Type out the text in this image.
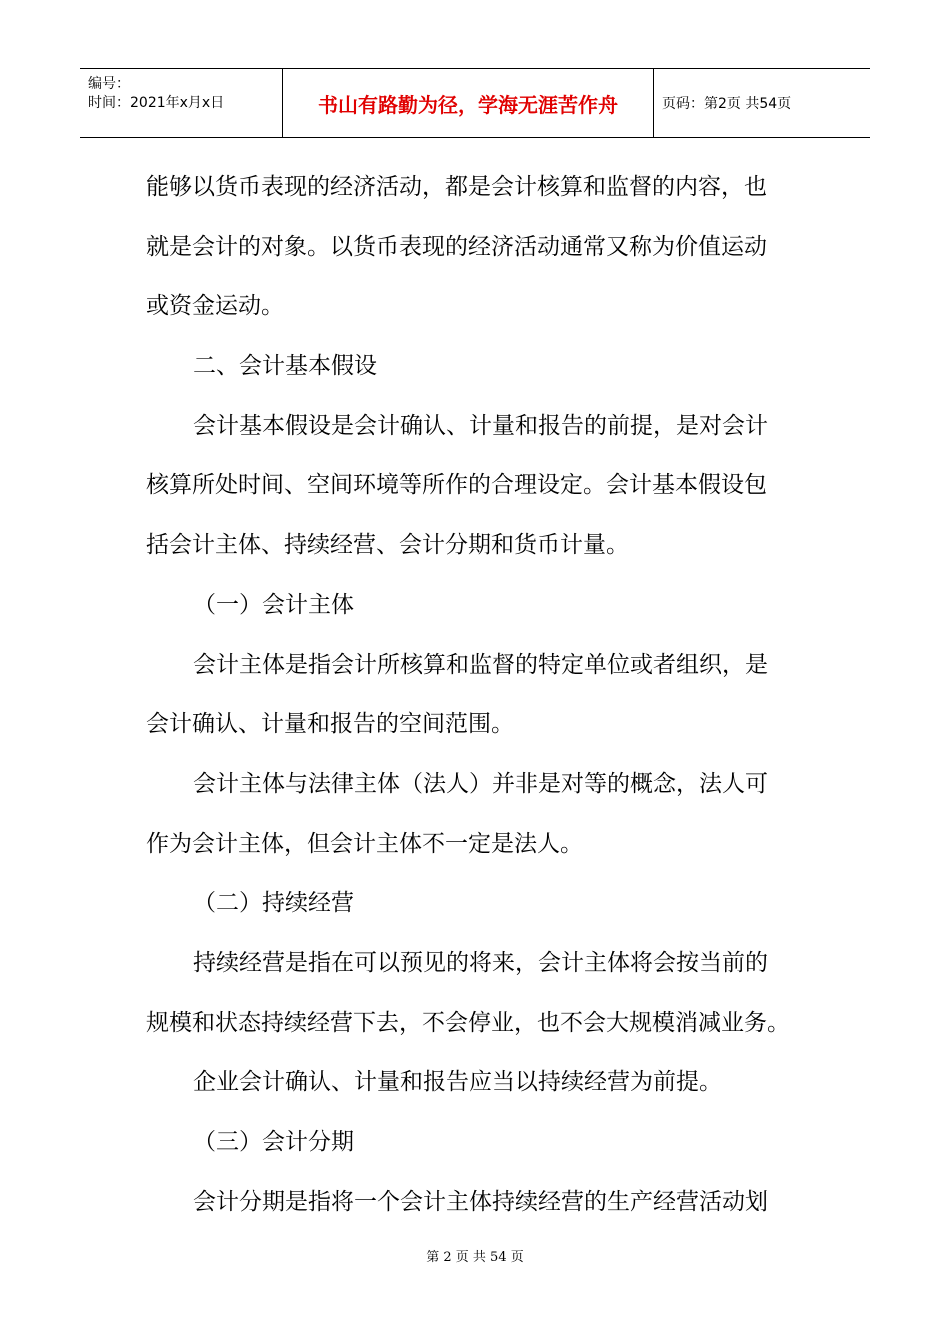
编号：
时间：2021年x月x日	书山有路勤为径，学海无涯苦作舟	页码：第2页 共54页
能够以货币表现的经济活动，都是会计核算和监督的内容，也
就是会计的对象。以货币表现的经济活动通常又称为价值运动
或资金运动。
二、会计基本假设
会计基本假设是会计确认、计量和报告的前提，是对会计
核算所处时间、空间环境等所作的合理设定。会计基本假设包
括会计主体、持续经营、会计分期和货币计量。
（一）会计主体
会计主体是指会计所核算和监督的特定单位或者组织，是
会计确认、计量和报告的空间范围。
会计主体与法律主体（法人）并非是对等的概念，法人可
作为会计主体，但会计主体不一定是法人。
（二）持续经营
持续经营是指在可以预见的将来，会计主体将会按当前的
规模和状态持续经营下去，不会停业，也不会大规模消减业务。
企业会计确认、计量和报告应当以持续经营为前提。
（三）会计分期
会计分期是指将一个会计主体持续经营的生产经营活动划
第 2 页 共 54 页
